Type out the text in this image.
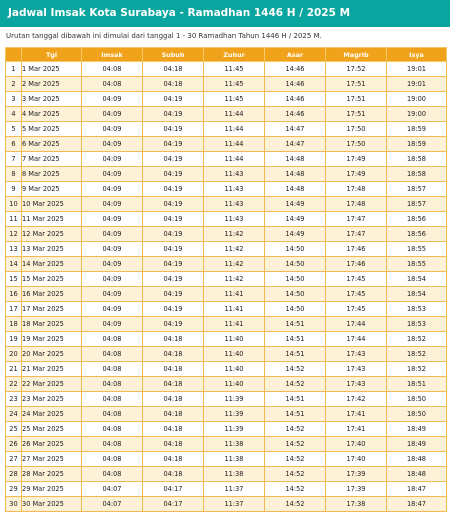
Jadwal Imsak Kota Surabaya - Ramadhan 1446 H / 2025 M
Urutan tanggal dibawah ini dimulai dari tanggal 1 - 30 Ramadhan Tahun 1446 H / 2025 M.
	Tgl	Imsak	Subuh	Zuhur	Asar	Magrib	Isya
1	1 Mar 2025	04:08	04:18	11:45	14:46	17:52	19:01
2	2 Mar 2025	04:08	04:18	11:45	14:46	17:51	19:01
3	3 Mar 2025	04:09	04:19	11:45	14:46	17:51	19:00
4	4 Mar 2025	04:09	04:19	11:44	14:46	17:51	19:00
5	5 Mar 2025	04:09	04:19	11:44	14:47	17:50	18:59
6	6 Mar 2025	04:09	04:19	11:44	14:47	17:50	18:59
7	7 Mar 2025	04:09	04:19	11:44	14:48	17:49	18:58
8	8 Mar 2025	04:09	04:19	11:43	14:48	17:49	18:58
9	9 Mar 2025	04:09	04:19	11:43	14:48	17:48	18:57
10	10 Mar 2025	04:09	04:19	11:43	14:49	17:48	18:57
11	11 Mar 2025	04:09	04:19	11:43	14:49	17:47	18:56
12	12 Mar 2025	04:09	04:19	11:42	14:49	17:47	18:56
13	13 Mar 2025	04:09	04:19	11:42	14:50	17:46	18:55
14	14 Mar 2025	04:09	04:19	11:42	14:50	17:46	18:55
15	15 Mar 2025	04:09	04:19	11:42	14:50	17:45	18:54
16	16 Mar 2025	04:09	04:19	11:41	14:50	17:45	18:54
17	17 Mar 2025	04:09	04:19	11:41	14:50	17:45	18:53
18	18 Mar 2025	04:09	04:19	11:41	14:51	17:44	18:53
19	19 Mar 2025	04:08	04:18	11:40	14:51	17:44	18:52
20	20 Mar 2025	04:08	04:18	11:40	14:51	17:43	18:52
21	21 Mar 2025	04:08	04:18	11:40	14:52	17:43	18:52
22	22 Mar 2025	04:08	04:18	11:40	14:52	17:43	18:51
23	23 Mar 2025	04:08	04:18	11:39	14:51	17:42	18:50
24	24 Mar 2025	04:08	04:18	11:39	14:51	17:41	18:50
25	25 Mar 2025	04:08	04:18	11:39	14:52	17:41	18:49
26	26 Mar 2025	04:08	04:18	11:38	14:52	17:40	18:49
27	27 Mar 2025	04:08	04:18	11:38	14:52	17:40	18:48
28	28 Mar 2025	04:08	04:18	11:38	14:52	17:39	18:48
29	29 Mar 2025	04:07	04:17	11:37	14:52	17:39	18:47
30	30 Mar 2025	04:07	04:17	11:37	14:52	17:38	18:47
